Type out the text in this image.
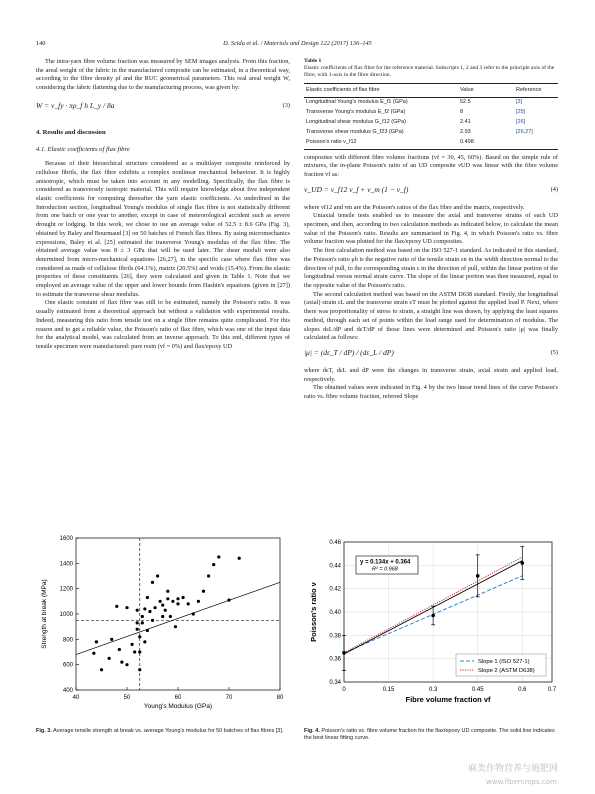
140	D. Scida et al. / Materials and Design 122 (2017) 136–145

The intra-yarn fibre volume fraction was measured by SEM images analysis. From this fraction, the areal weight of the fabric in the manufactured composite can be estimated, in a theoretical way, according to the fibre density ρf and the RUC geometrical parameters. This real areal weight W, considering the fabric flattening due to the manufacturing process, was given by:

W = v_fy · πρ_f h L_y / 8a	(3)
4. Results and discussion
4.1. Elastic coefficients of flax fibre

Because of their hierarchical structure considered as a multilayer composite reinforced by cellulose fibrils, the flax fibre exhibits a complex nonlinear mechanical behaviour. It is highly anisotropic, which must be taken into account in any modelling. Specifically, the flax fibre is considered as transversely isotropic material. This will require knowledge about five independent elastic coefficients for computing thereafter the yarn elastic coefficients. As underlined in the Introduction section, longitudinal Young's modulus of single flax fibre is not statistically different from one batch or one year to another, except in case of meteorological accident such as severe drought or lodging. In this work, we chose to use an average value of 52.5 ± 8.6 GPa (Fig. 3), obtained by Baley and Bourmaud [3] on 50 batches of French flax fibres. By using micromechanics expressions, Baley et al. [25] estimated the transverse Young's modulus of the flax fibre. The obtained average value was 8 ± 3 GPa that will be used later. The shear moduli were also determined from micro-mechanical equations [26,27], in the specific case where flax fibre was considered as made of cellulose fibrils (64.1%), matrix (20.5%) and voids (15.4%). From the elastic properties of these constituents [26], they were calculated and given in Table 1. Note that we employed an average value of the upper and lower bounds from Hashin's equations (given in [27]) to estimate the transverse shear modulus.

One elastic constant of flax fibre was still to be estimated, namely the Poisson's ratio. It was usually estimated from a theoretical approach but without a validation with experimental results. Indeed, measuring this ratio from tensile test on a single fibre remains quite complicated. For this reason and to get a reliable value, the Poisson's ratio of flax fibre, which was one of the input data for the analytical model, was calculated from an inverse approach. To this end, different types of tensile specimen were manufactured: pure resin (vf = 0%) and flax/epoxy UD

Table 1
Elastic coefficients of flax fibre for the reference material. Subscripts 1, 2 and 3 refer to the principle axis of the fibre, with 1-axis in the fibre direction.
Elastic coefficients of flax fibre	Value	Reference
Longitudinal Young's modulus E_f1 (GPa)	52.5	[3]
Transverse Young's modulus E_f2 (GPa)	8	[25]
Longitudinal shear modulus G_f12 (GPa)	2.41	[26]
Transverse shear modulus G_f23 (GPa)	2.93	[26,27]
Poisson's ratio ν_f12	0.498	

composites with different fibre volume fractions (vf = 30, 45, 60%). Based on the simple rule of mixtures, the in-plane Poisson's ratio of an UD composite νUD was linear with the fibre volume fraction vf as:

ν_UD = ν_f12 v_f + ν_m (1 − v_f)	(4)

where νf12 and νm are the Poisson's ratios of the flax fibre and the matrix, respectively.

Uniaxial tensile tests enabled us to measure the axial and transverse strains of each UD specimen, and then, according to two calculation methods as indicated below, to calculate the mean value of the Poisson's ratio. Results are summarised in Fig. 4, in which Poisson's ratio vs. fibre volume fraction was plotted for the flax/epoxy UD composites.

The first calculation method was based on the ISO 527-1 standard. As indicated in this standard, the Poisson's ratio μb is the negative ratio of the tensile strain εn in the width direction normal to the direction of pull, to the corresponding strain ε in the direction of pull, within the linear portion of the longitudinal versus normal strain curve. The slope of the linear portion was then measured, equal to the opposite value of the Poisson's ratio.

The second calculation method was based on the ASTM D638 standard. Firstly, the longitudinal (axial) strain εL and the transverse strain εT must be plotted against the applied load P. Next, where there was proportionality of stress to strain, a straight line was drawn, by applying the least squares method, through each set of points within the load range used for determination of modulus. The slopes dεL/dP and dεT/dP of those lines were determined and Poisson's ratio |μ| was finally calculated as follows:

|μ| = (dε_T / dP) / (dε_L / dP)	(5)

where dεT, dεL and dP were the changes in transverse strain, axial strain and applied load, respectively.

The obtained values were indicated in Fig. 4 by the two linear trend lines of the curve Poisson's ratio vs. fibre volume fraction, referred Slope

40	50	60	70	80
400
600
800
1000
1200
1400
1600
Young's Modulus (GPa)
Strength at break (MPa)
Fig. 3. Average tensile strength at break vs. average Young's modulus for 50 batches of flax fibres [3].
0	0.15	0.3	0.45	0.6	0.7
0.34
0.36
0.38
0.40
0.42
0.44
0.46
Fibre volume fraction vf
Poisson's ratio ν
y = 0.134x + 0.364
R² = 0.968
Slope 1 (ISO 527-1)
Slope 2 (ASTM D638)
Fig. 4. Poisson's ratio vs. fibre volume fraction for the flax/epoxy UD composite. The solid line indicates the best linear fitting curve.
麻类作物营养与施肥网
www.fibercrops.com
